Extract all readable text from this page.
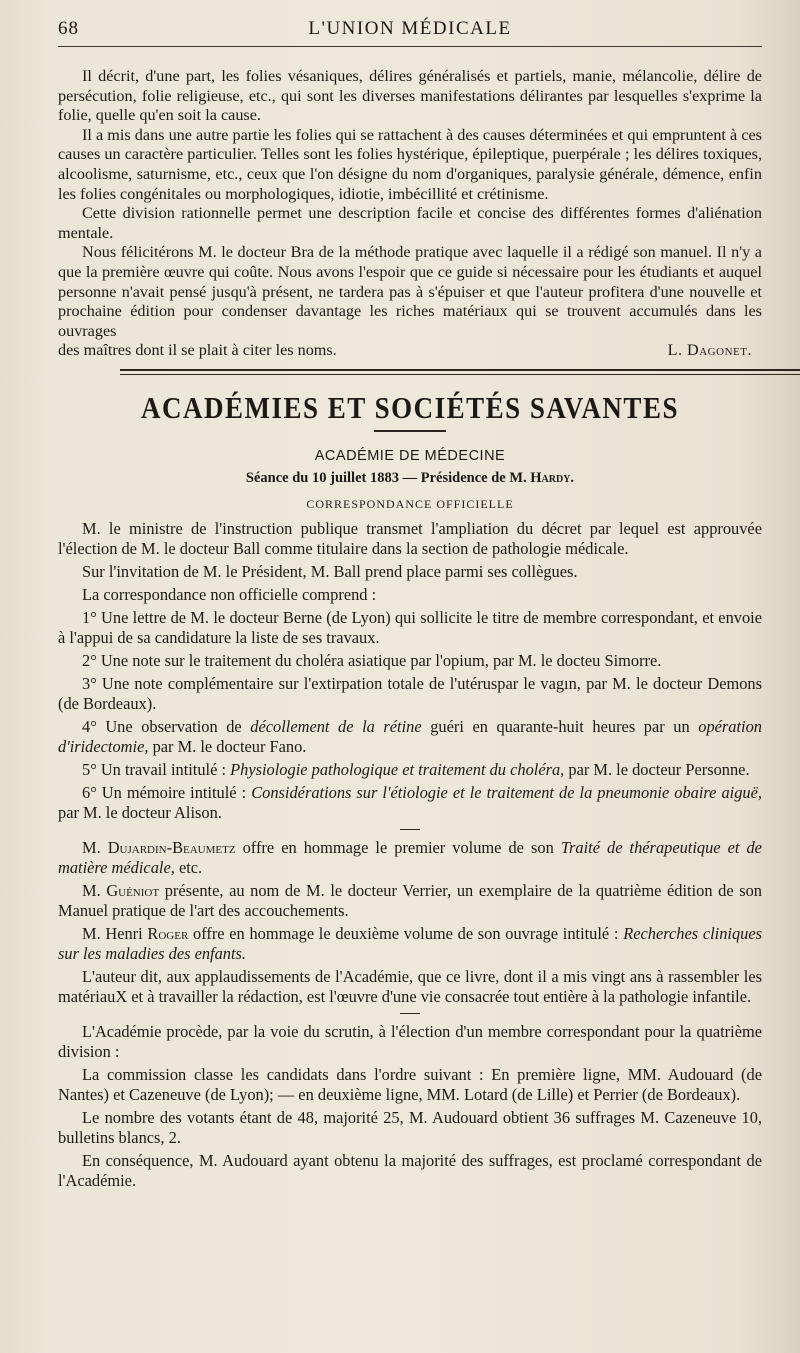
68	L'UNION MÉDICALE

Il décrit, d'une part, les folies vésaniques, délires généralisés et partiels, manie, mélancolie, délire de persécution, folie religieuse, etc., qui sont les diverses manifestations délirantes par lesquelles s'exprime la folie, quelle qu'en soit la cause.

Il a mis dans une autre partie les folies qui se rattachent à des causes déterminées et qui empruntent à ces causes un caractère particulier. Telles sont les folies hystérique, épileptique, puerpérale ; les délires toxiques, alcoolisme, saturnisme, etc., ceux que l'on désigne du nom d'organiques, paralysie générale, démence, enfin les folies congénitales ou morphologiques, idiotie, imbécillité et crétinisme.

Cette division rationnelle permet une description facile et concise des différentes formes d'aliénation mentale.

Nous félicitérons M. le docteur Bra de la méthode pratique avec laquelle il a rédigé son manuel. Il n'y a que la première œuvre qui coûte. Nous avons l'espoir que ce guide si nécessaire pour les étudiants et auquel personne n'avait pensé jusqu'à présent, ne tardera pas à s'épuiser et que l'auteur profitera d'une nouvelle et prochaine édition pour condenser davantage les riches matériaux qui se trouvent accumulés dans les ouvrages

des maîtres dont il se plait à citer les noms.	L. Dagonet.
ACADÉMIES ET SOCIÉTÉS SAVANTES
ACADÉMIE DE MÉDECINE
Séance du 10 juillet 1883 — Présidence de M. Hardy.
CORRESPONDANCE OFFICIELLE

M. le ministre de l'instruction publique transmet l'ampliation du décret par lequel est approuvée l'élection de M. le docteur Ball comme titulaire dans la section de pathologie médicale.

Sur l'invitation de M. le Président, M. Ball prend place parmi ses collègues.

La correspondance non officielle comprend :

1° Une lettre de M. le docteur Berne (de Lyon) qui sollicite le titre de membre correspondant, et envoie à l'appui de sa candidature la liste de ses travaux.

2° Une note sur le traitement du choléra asiatique par l'opium, par M. le docteu Simorre.

3° Une note complémentaire sur l'extirpation totale de l'utéruspar le vagın, par M. le docteur Demons (de Bordeaux).

4° Une observation de décollement de la rétine guéri en quarante-huit heures par un opération d'iridectomie, par M. le docteur Fano.

5° Un travail intitulé : Physiologie pathologique et traitement du choléra, par M. le docteur Personne.

6° Un mémoire intitulé : Considérations sur l'étiologie et le traitement de la pneumonie obaire aiguë, par M. le docteur Alison.

M. Dujardin-Beaumetz offre en hommage le premier volume de son Traité de thérapeutique et de matière médicale, etc.

M. Guéniot présente, au nom de M. le docteur Verrier, un exemplaire de la quatrième édition de son Manuel pratique de l'art des accouchements.

M. Henri Roger offre en hommage le deuxième volume de son ouvrage intitulé : Recherches cliniques sur les maladies des enfants.

L'auteur dit, aux applaudissements de l'Académie, que ce livre, dont il a mis vingt ans à rassembler les matériauX et à travailler la rédaction, est l'œuvre d'une vie consacrée tout entière à la pathologie infantile.

L'Académie procède, par la voie du scrutin, à l'élection d'un membre correspondant pour la quatrième division :

La commission classe les candidats dans l'ordre suivant : En première ligne, MM. Audouard (de Nantes) et Cazeneuve (de Lyon); — en deuxième ligne, MM. Lotard (de Lille) et Perrier (de Bordeaux).

Le nombre des votants étant de 48, majorité 25, M. Audouard obtient 36 suffrages M. Cazeneuve 10, bulletins blancs, 2.

En conséquence, M. Audouard ayant obtenu la majorité des suffrages, est proclamé correspondant de l'Académie.
